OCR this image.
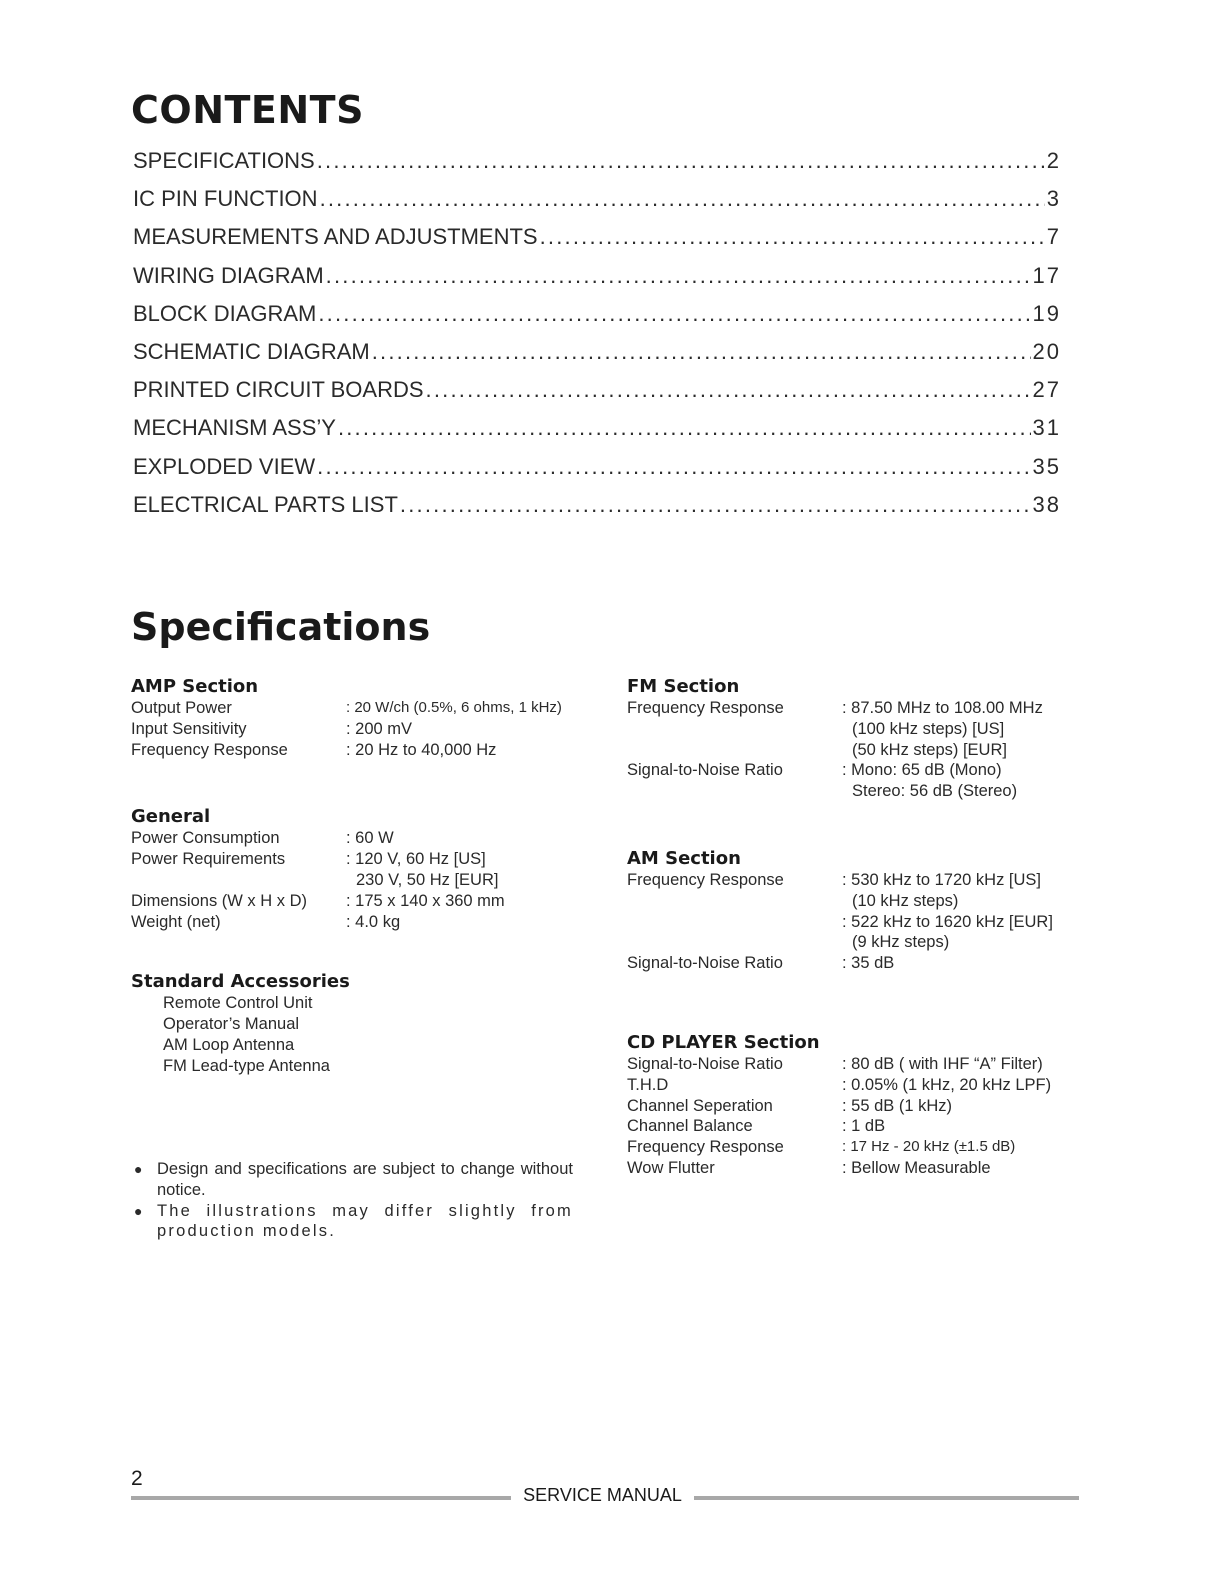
CONTENTS
SPECIFICATIONS .....	2
IC PIN FUNCTION .....	3
MEASUREMENTS AND ADJUSTMENTS .....	7
WIRING DIAGRAM .....	17
BLOCK DIAGRAM .....	19
SCHEMATIC DIAGRAM .....	20
PRINTED CIRCUIT BOARDS .....	27
MECHANISM ASS’Y .....	31
EXPLODED VIEW .....	35
ELECTRICAL PARTS LIST .....	38
Specifications
AMP Section
Output Power	: 20 W/ch (0.5%, 6 ohms, 1 kHz)
Input Sensitivity	: 200 mV
Frequency Response	: 20 Hz to 40,000 Hz
General
Power Consumption	: 60 W
Power Requirements	: 120 V, 60 Hz [US]
230 V, 50 Hz [EUR]
Dimensions (W x H x D)	: 175 x 140 x 360 mm
Weight (net)	: 4.0 kg
Standard Accessories
Remote Control Unit
Operator’s Manual
AM Loop Antenna
FM Lead-type Antenna
● Design and specifications are subject to change without notice.
● The illustrations may differ slightly from production models.
FM Section
Frequency Response	: 87.50 MHz to 108.00 MHz
(100 kHz steps) [US]
(50 kHz steps) [EUR]
Signal-to-Noise Ratio	: Mono: 65 dB (Mono)
Stereo: 56 dB (Stereo)
AM Section
Frequency Response	: 530 kHz to 1720 kHz [US]
(10 kHz steps)
: 522 kHz to 1620 kHz [EUR]
(9 kHz steps)
Signal-to-Noise Ratio	: 35 dB
CD PLAYER Section
Signal-to-Noise Ratio	: 80 dB ( with IHF “A” Filter)
T.H.D	: 0.05% (1 kHz, 20 kHz LPF)
Channel Seperation	: 55 dB (1 kHz)
Channel Balance	: 1 dB
Frequency Response	: 17 Hz - 20 kHz (±1.5 dB)
Wow Flutter	: Bellow Measurable
2
SERVICE MANUAL
